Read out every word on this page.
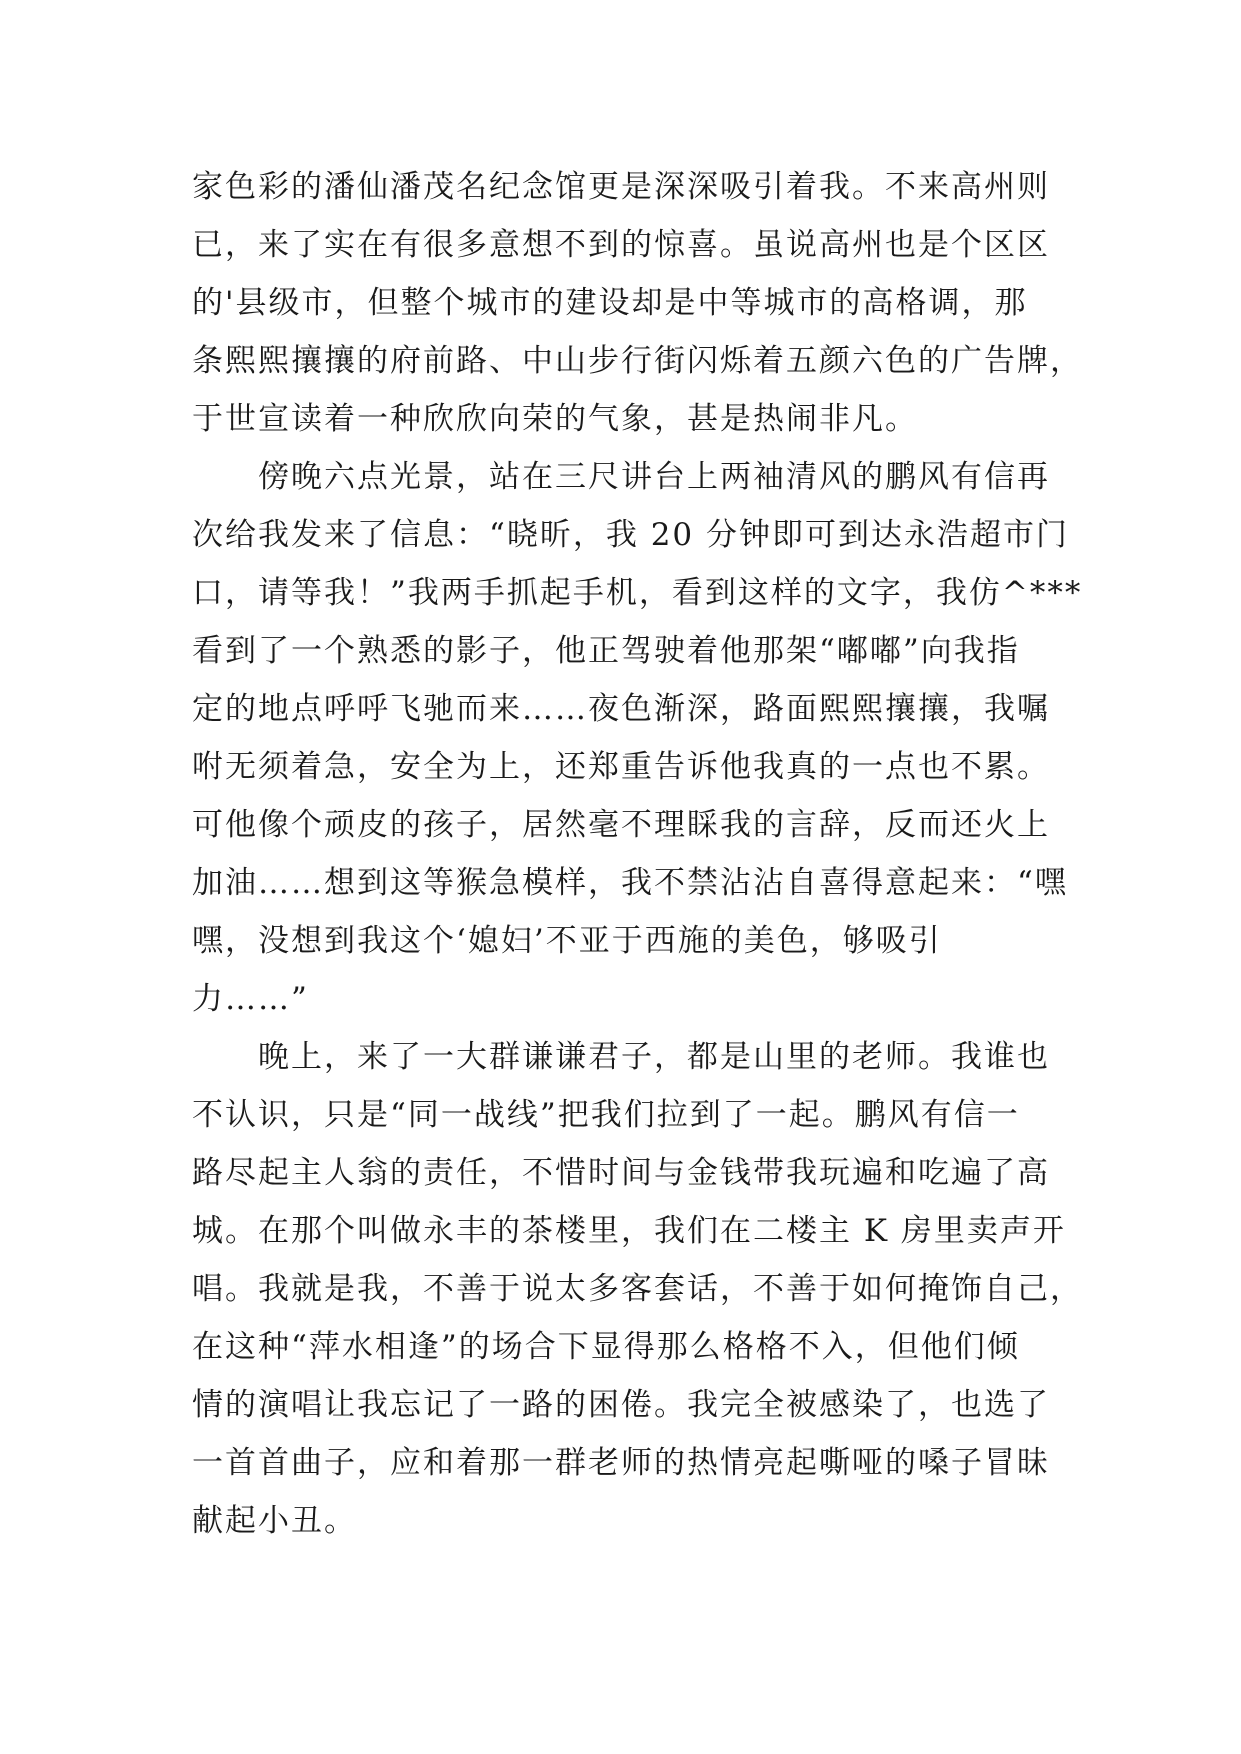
家色彩的潘仙潘茂名纪念馆更是深深吸引着我。不来高州则
已，来了实在有很多意想不到的惊喜。虽说高州也是个区区
的'县级市，但整个城市的建设却是中等城市的高格调，那
条熙熙攘攘的府前路、中山步行街闪烁着五颜六色的广告牌，
于世宣读着一种欣欣向荣的气象，甚是热闹非凡。
　　傍晚六点光景，站在三尺讲台上两袖清风的鹏风有信再
次给我发来了信息：“晓昕，我 20 分钟即可到达永浩超市门
口，请等我！”我两手抓起手机，看到这样的文字，我仿^***
看到了一个熟悉的影子，他正驾驶着他那架“嘟嘟”向我指
定的地点呼呼飞驰而来……夜色渐深，路面熙熙攘攘，我嘱
咐无须着急，安全为上，还郑重告诉他我真的一点也不累。
可他像个顽皮的孩子，居然毫不理睬我的言辞，反而还火上
加油……想到这等猴急模样，我不禁沾沾自喜得意起来：“嘿
嘿，没想到我这个‘媳妇’不亚于西施的美色，够吸引
力……”
　　晚上，来了一大群谦谦君子，都是山里的老师。我谁也
不认识，只是“同一战线”把我们拉到了一起。鹏风有信一
路尽起主人翁的责任，不惜时间与金钱带我玩遍和吃遍了高
城。在那个叫做永丰的茶楼里，我们在二楼主 K 房里卖声开
唱。我就是我，不善于说太多客套话，不善于如何掩饰自己，
在这种“萍水相逢”的场合下显得那么格格不入，但他们倾
情的演唱让我忘记了一路的困倦。我完全被感染了，也选了
一首首曲子，应和着那一群老师的热情亮起嘶哑的嗓子冒昧
献起小丑。
